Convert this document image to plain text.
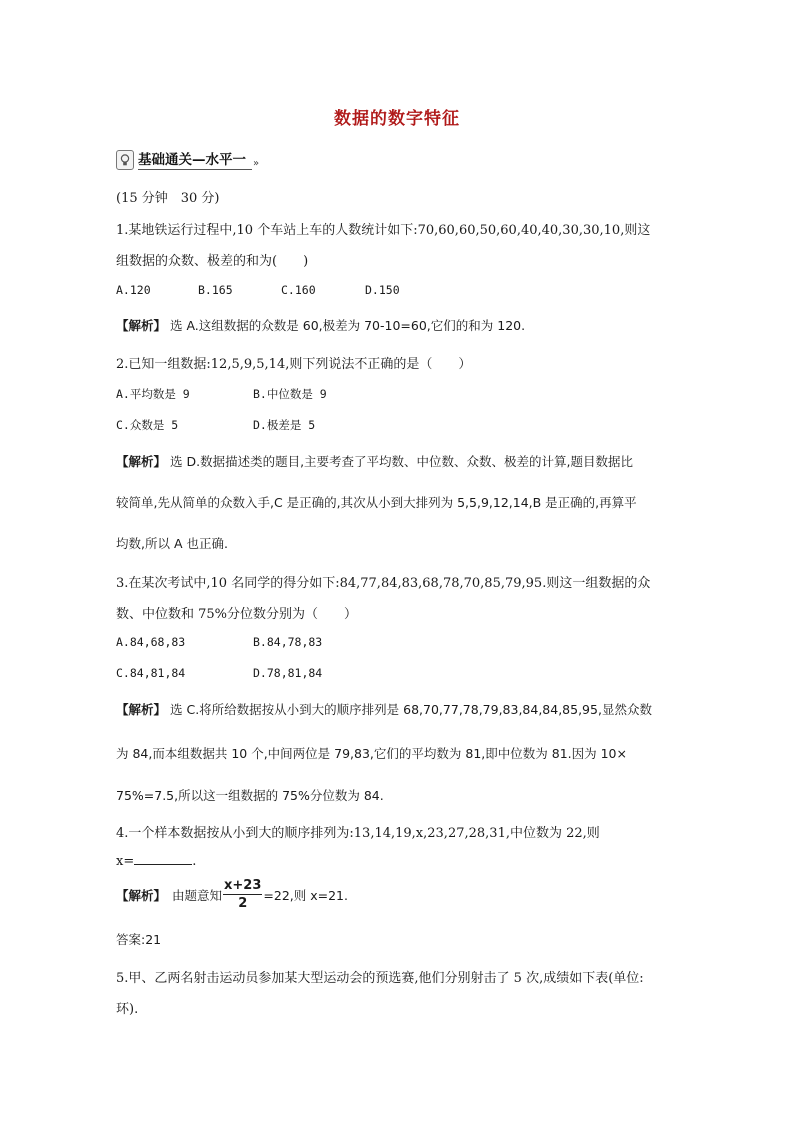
数据的数字特征
基础通关—水平一 »
(15 分钟　30 分)
1.某地铁运行过程中,10 个车站上车的人数统计如下:70,60,60,50,60,40,40,30,30,10,则这
组数据的众数、极差的和为(　　)
A.120	B.165	C.160	D.150
【解析】 选 A.这组数据的众数是 60,极差为 70-10=60,它们的和为 120.
2.已知一组数据:12,5,9,5,14,则下列说法不正确的是（　　）
A.平均数是 9	B.中位数是 9
C.众数是 5	D.极差是 5
【解析】 选 D.数据描述类的题目,主要考查了平均数、中位数、众数、极差的计算,题目数据比
较简单,先从简单的众数入手,C 是正确的,其次从小到大排列为 5,5,9,12,14,B 是正确的,再算平
均数,所以 A 也正确.
3.在某次考试中,10 名同学的得分如下:84,77,84,83,68,78,70,85,79,95.则这一组数据的众
数、中位数和 75%分位数分别为（　　）
A.84,68,83	B.84,78,83
C.84,81,84	D.78,81,84
【解析】 选 C.将所给数据按从小到大的顺序排列是 68,70,77,78,79,83,84,84,85,95,显然众数
为 84,而本组数据共 10 个,中间两位是 79,83,它们的平均数为 81,即中位数为 81.因为 10×
75%=7.5,所以这一组数据的 75%分位数为 84.
4.一个样本数据按从小到大的顺序排列为:13,14,19,x,23,27,28,31,中位数为 22,则
x=	.
【解析】 由题意知 $\frac{x+23}{2} =22$,则 x=21.
答案:21
5.甲、乙两名射击运动员参加某大型运动会的预选赛,他们分别射击了 5 次,成绩如下表(单位:
环).
